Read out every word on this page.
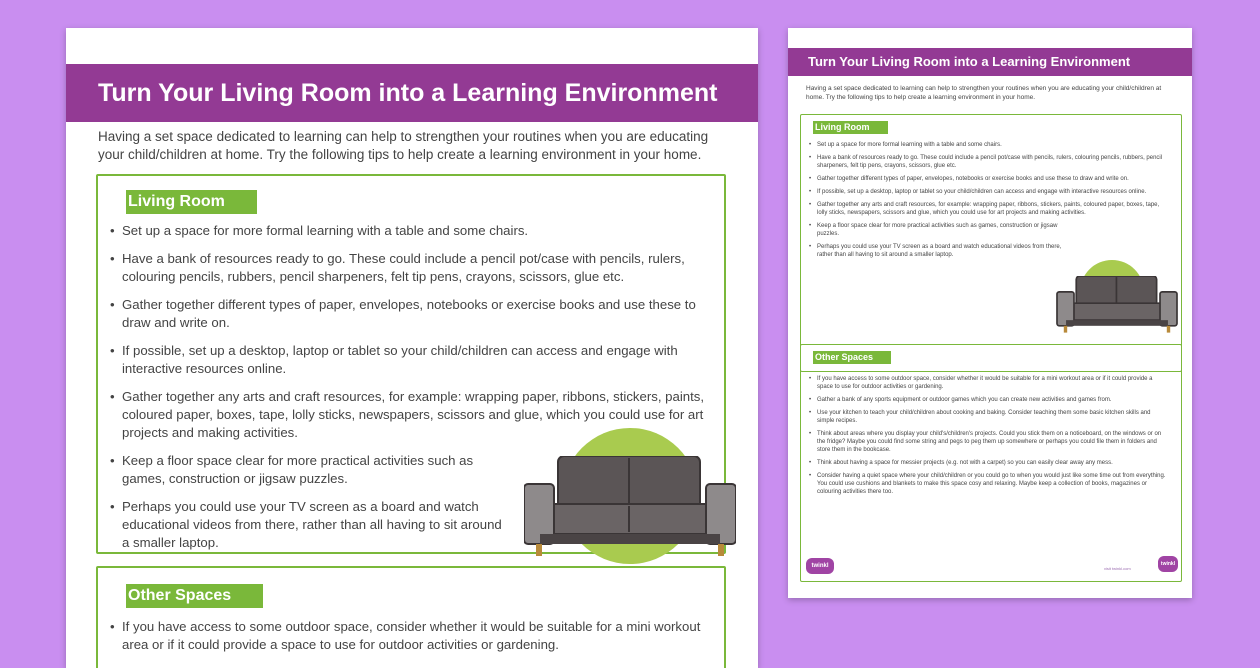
Turn Your Living Room into a Learning Environment
Having a set space dedicated to learning can help to strengthen your routines when you are educating your child/children at home. Try the following tips to help create a learning environment in your home.
Living Room
• Set up a space for more formal learning with a table and some chairs.
• Have a bank of resources ready to go. These could include a pencil pot/case with pencils, rulers, colouring pencils, rubbers, pencil sharpeners, felt tip pens, crayons, scissors, glue etc.
• Gather together different types of paper, envelopes, notebooks or exercise books and use these to draw and write on.
• If possible, set up a desktop, laptop or tablet so your child/children can access and engage with interactive resources online.
• Gather together any arts and craft resources, for example: wrapping paper, ribbons, stickers, paints, coloured paper, boxes, tape, lolly sticks, newspapers, scissors and glue, which you could use for art projects and making activities.
• Keep a floor space clear for more practical activities such as games, construction or jigsaw puzzles.
• Perhaps you could use your TV screen as a board and watch educational videos from there, rather than all having to sit around a smaller laptop.
Other Spaces
• If you have access to some outdoor space, consider whether it would be suitable for a mini workout area or if it could provide a space to use for outdoor activities or gardening.
Turn Your Living Room into a Learning Environment
Having a set space dedicated to learning can help to strengthen your routines when you are educating your child/children at home. Try the following tips to help create a learning environment in your home.
Living Room
• Set up a space for more formal learning with a table and some chairs.
• Have a bank of resources ready to go. These could include a pencil pot/case with pencils, rulers, colouring pencils, rubbers, pencil sharpeners, felt tip pens, crayons, scissors, glue etc.
• Gather together different types of paper, envelopes, notebooks or exercise books and use these to draw and write on.
• If possible, set up a desktop, laptop or tablet so your child/children can access and engage with interactive resources online.
• Gather together any arts and craft resources, for example: wrapping paper, ribbons, stickers, paints, coloured paper, boxes, tape, lolly sticks, newspapers, scissors and glue, which you could use for art projects and making activities.
• Keep a floor space clear for more practical activities such as games, construction or jigsaw puzzles.
• Perhaps you could use your TV screen as a board and watch educational videos from there, rather than all having to sit around a smaller laptop.
Other Spaces
• If you have access to some outdoor space, consider whether it would be suitable for a mini workout area or if it could provide a space to use for outdoor activities or gardening.
• Gather a bank of any sports equipment or outdoor games which you can create new activities and games from.
• Use your kitchen to teach your child/children about cooking and baking. Consider teaching them some basic kitchen skills and simple recipes.
• Think about areas where you display your child's/children's projects. Could you stick them on a noticeboard, on the windows or on the fridge? Maybe you could find some string and pegs to peg them up somewhere or perhaps you could file them in folders and store them in the bookcase.
• Think about having a space for messier projects (e.g. not with a carpet) so you can easily clear away any mess.
• Consider having a quiet space where your child/children or you could go to when you would just like some time out from everything. You could use cushions and blankets to make this space cosy and relaxing. Maybe keep a collection of books, magazines or colouring activities there too.
twinkl	visit twinkl.com
twinkl
